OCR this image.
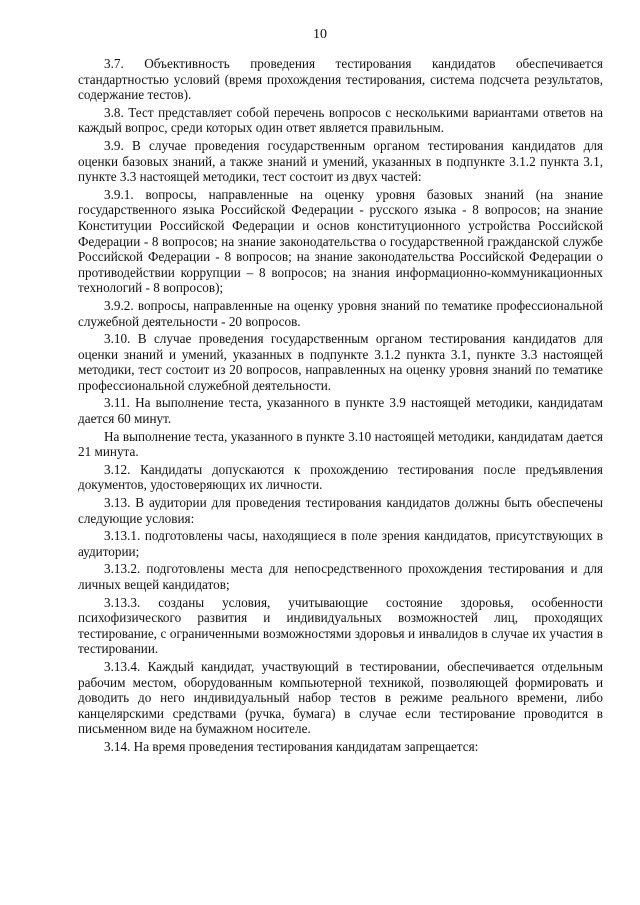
10

3.7. Объективность проведения тестирования кандидатов обеспечивается стандартностью условий (время прохождения тестирования, система подсчета результатов, содержание тестов).

3.8. Тест представляет собой перечень вопросов с несколькими вариантами ответов на каждый вопрос, среди которых один ответ является правильным.

3.9. В случае проведения государственным органом тестирования кандидатов для оценки базовых знаний, а также знаний и умений, указанных в подпункте 3.1.2 пункта 3.1, пункте 3.3 настоящей методики, тест состоит из двух частей:

3.9.1. вопросы, направленные на оценку уровня базовых знаний (на знание государственного языка Российской Федерации - русского языка - 8 вопросов; на знание Конституции Российской Федерации и основ конституционного устройства Российской Федерации - 8 вопросов; на знание законодательства о государственной гражданской службе Российской Федерации - 8 вопросов; на знание законодательства Российской Федерации о противодействии коррупции – 8 вопросов; на знания информационно-коммуникационных технологий - 8 вопросов);

3.9.2. вопросы, направленные на оценку уровня знаний по тематике профессиональной служебной деятельности - 20 вопросов.

3.10. В случае проведения государственным органом тестирования кандидатов для оценки знаний и умений, указанных в подпункте 3.1.2 пункта 3.1, пункте 3.3 настоящей методики, тест состоит из 20 вопросов, направленных на оценку уровня знаний по тематике профессиональной служебной деятельности.

3.11. На выполнение теста, указанного в пункте 3.9 настоящей методики, кандидатам дается 60 минут.

На выполнение теста, указанного в пункте 3.10 настоящей методики, кандидатам дается 21 минута.

3.12. Кандидаты допускаются к прохождению тестирования после предъявления документов, удостоверяющих их личности.

3.13. В аудитории для проведения тестирования кандидатов должны быть обеспечены следующие условия:

3.13.1. подготовлены часы, находящиеся в поле зрения кандидатов, присутствующих в аудитории;

3.13.2. подготовлены места для непосредственного прохождения тестирования и для личных вещей кандидатов;

3.13.3. созданы условия, учитывающие состояние здоровья, особенности психофизического развития и индивидуальных возможностей лиц, проходящих тестирование, с ограниченными возможностями здоровья и инвалидов в случае их участия в тестировании.

3.13.4. Каждый кандидат, участвующий в тестировании, обеспечивается отдельным рабочим местом, оборудованным компьютерной техникой, позволяющей формировать и доводить до него индивидуальный набор тестов в режиме реального времени, либо канцелярскими средствами (ручка, бумага) в случае если тестирование проводится в письменном виде на бумажном носителе.

3.14. На время проведения тестирования кандидатам запрещается:
